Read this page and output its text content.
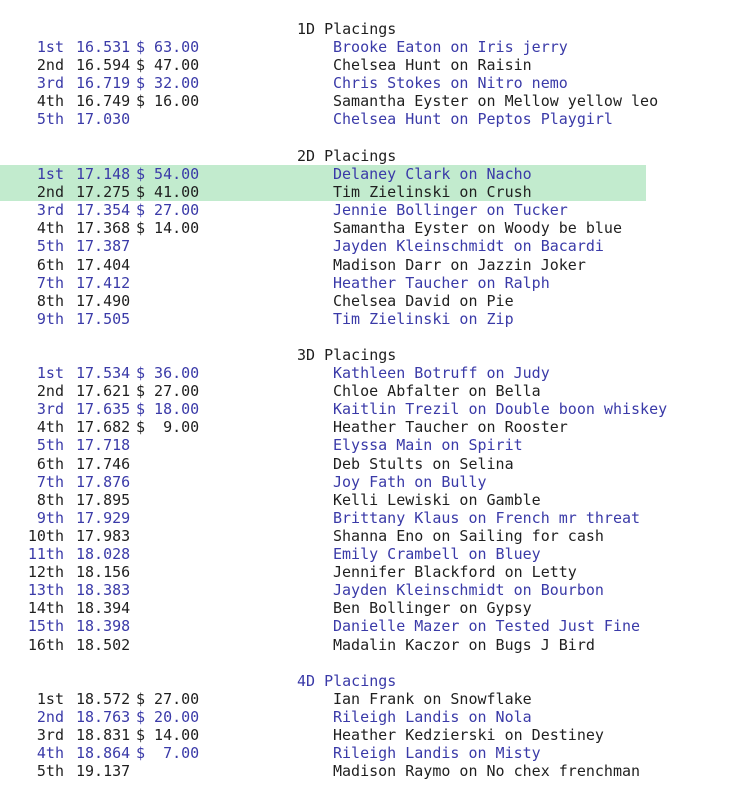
1D Placings
1st 16.531 $ 63.00	Brooke Eaton on Iris jerry
2nd 16.594 $ 47.00	Chelsea Hunt on Raisin
3rd 16.719 $ 32.00	Chris Stokes on Nitro nemo
4th 16.749 $ 16.00	Samantha Eyster on Mellow yellow leo
5th 17.030	Chelsea Hunt on Peptos Playgirl
2D Placings
1st 17.148 $ 54.00	Delaney Clark on Nacho
2nd 17.275 $ 41.00	Tim Zielinski on Crush
3rd 17.354 $ 27.00	Jennie Bollinger on Tucker
4th 17.368 $ 14.00	Samantha Eyster on Woody be blue
5th 17.387	Jayden Kleinschmidt on Bacardi
6th 17.404	Madison Darr on Jazzin Joker
7th 17.412	Heather Taucher on Ralph
8th 17.490	Chelsea David on Pie
9th 17.505	Tim Zielinski on Zip
3D Placings
1st 17.534 $ 36.00	Kathleen Botruff on Judy
2nd 17.621 $ 27.00	Chloe Abfalter on Bella
3rd 17.635 $ 18.00	Kaitlin Trezil on Double boon whiskey
4th 17.682 $  9.00	Heather Taucher on Rooster
5th 17.718	Elyssa Main on Spirit
6th 17.746	Deb Stults on Selina
7th 17.876	Joy Fath on Bully
8th 17.895	Kelli Lewiski on Gamble
9th 17.929	Brittany Klaus on French mr threat
10th 17.983	Shanna Eno on Sailing for cash
11th 18.028	Emily Crambell on Bluey
12th 18.156	Jennifer Blackford on Letty
13th 18.383	Jayden Kleinschmidt on Bourbon
14th 18.394	Ben Bollinger on Gypsy
15th 18.398	Danielle Mazer on Tested Just Fine
16th 18.502	Madalin Kaczor on Bugs J Bird
4D Placings
1st 18.572 $ 27.00	Ian Frank on Snowflake
2nd 18.763 $ 20.00	Rileigh Landis on Nola
3rd 18.831 $ 14.00	Heather Kedzierski on Destiney
4th 18.864 $  7.00	Rileigh Landis on Misty
5th 19.137	Madison Raymo on No chex frenchman
